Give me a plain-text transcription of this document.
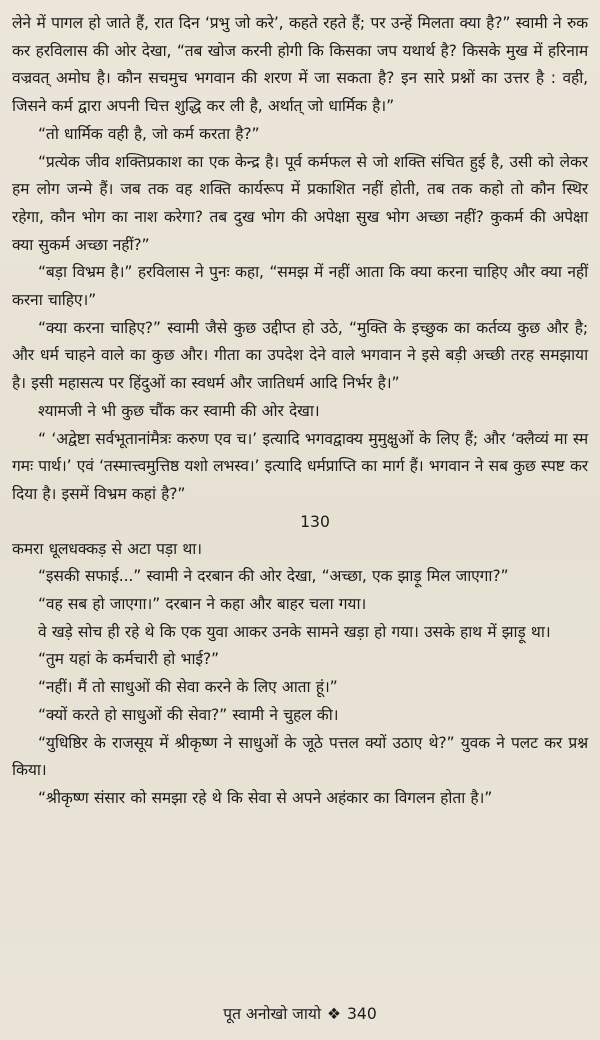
लेने में पागल हो जाते हैं, रात दिन ‘प्रभु जो करे’, कहते रहते हैं; पर उन्हें मिलता क्या है?” स्वामी ने रुक कर हरविलास की ओर देखा, “तब खोज करनी होगी कि किसका जप यथार्थ है? किसके मुख में हरिनाम वज्रवत् अमोघ है। कौन सचमुच भगवान की शरण में जा सकता है? इन सारे प्रश्नों का उत्तर है : वही, जिसने कर्म द्वारा अपनी चित्त शुद्धि कर ली है, अर्थात् जो धार्मिक है।”

“तो धार्मिक वही है, जो कर्म करता है?”

“प्रत्येक जीव शक्तिप्रकाश का एक केन्द्र है। पूर्व कर्मफल से जो शक्ति संचित हुई है, उसी को लेकर हम लोग जन्मे हैं। जब तक वह शक्ति कार्यरूप में प्रकाशित नहीं होती, तब तक कहो तो कौन स्थिर रहेगा, कौन भोग का नाश करेगा? तब दुख भोग की अपेक्षा सुख भोग अच्छा नहीं? कुकर्म की अपेक्षा क्या सुकर्म अच्छा नहीं?”

“बड़ा विभ्रम है।” हरविलास ने पुनः कहा, “समझ में नहीं आता कि क्या करना चाहिए और क्या नहीं करना चाहिए।”

“क्या करना चाहिए?” स्वामी जैसे कुछ उद्दीप्त हो उठे, “मुक्ति के इच्छुक का कर्तव्य कुछ और है; और धर्म चाहने वाले का कुछ और। गीता का उपदेश देने वाले भगवान ने इसे बड़ी अच्छी तरह समझाया है। इसी महासत्य पर हिंदुओं का स्वधर्म और जातिधर्म आदि निर्भर है।”

श्यामजी ने भी कुछ चौंक कर स्वामी की ओर देखा।

“ ‘अद्वेष्टा सर्वभूतानांमैत्रः करुण एव च।’ इत्यादि भगवद्वाक्य मुमुक्षुओं के लिए हैं; और ‘क्लैव्यं मा स्म गमः पार्थ।’ एवं ‘तस्मात्त्वमुत्तिष्ठ यशो लभस्व।’ इत्यादि धर्मप्राप्ति का मार्ग हैं। भगवान ने सब कुछ स्पष्ट कर दिया है। इसमें विभ्रम कहां है?”

130

कमरा धूलधक्कड़ से अटा पड़ा था।

“इसकी सफाई...” स्वामी ने दरबान की ओर देखा, “अच्छा, एक झाड़ू मिल जाएगा?”

“वह सब हो जाएगा।” दरबान ने कहा और बाहर चला गया।

वे खड़े सोच ही रहे थे कि एक युवा आकर उनके सामने खड़ा हो गया। उसके हाथ में झाड़ू था।

“तुम यहां के कर्मचारी हो भाई?”

“नहीं। मैं तो साधुओं की सेवा करने के लिए आता हूं।”

“क्यों करते हो साधुओं की सेवा?” स्वामी ने चुहल की।

“युधिष्ठिर के राजसूय में श्रीकृष्ण ने साधुओं के जूठे पत्तल क्यों उठाए थे?” युवक ने पलट कर प्रश्न किया।

“श्रीकृष्ण संसार को समझा रहे थे कि सेवा से अपने अहंकार का विगलन होता है।”

पूत अनोखो जायो ❖ 340
